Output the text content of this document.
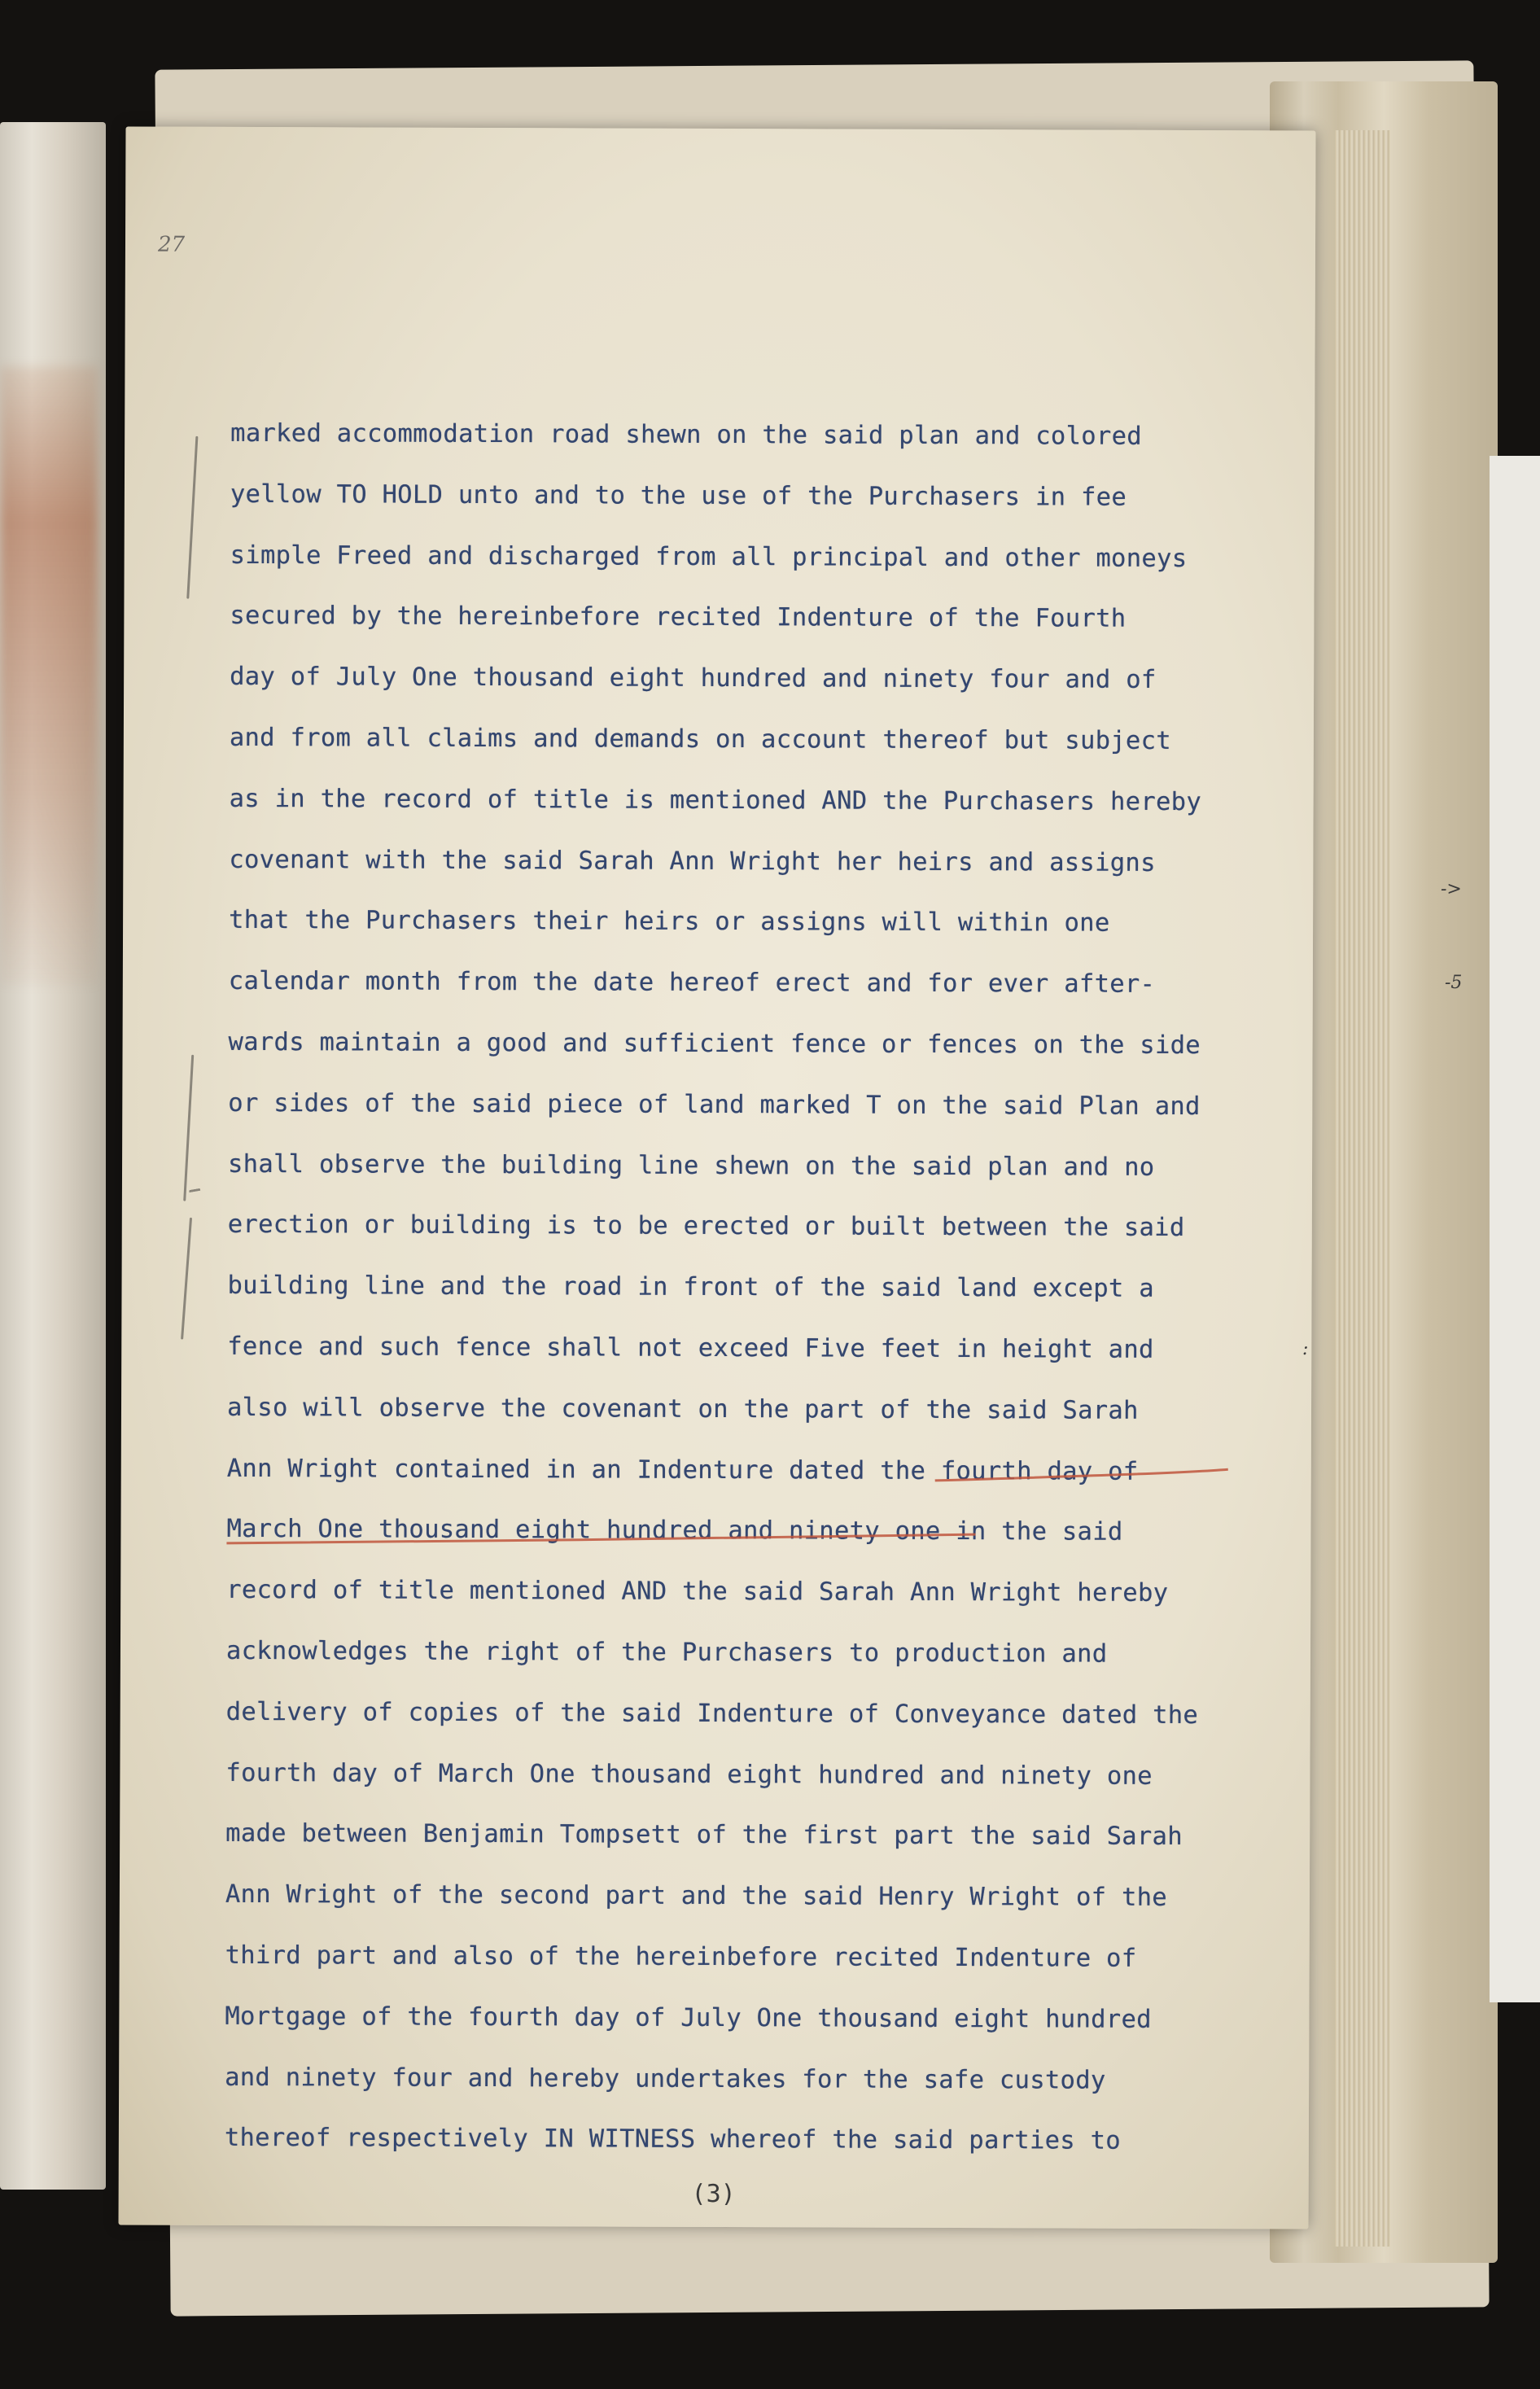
27
marked accommodation road shewn on the said plan and colored
yellow TO HOLD unto and to the use of the Purchasers in fee
simple Freed and discharged from all principal and other moneys
secured by the hereinbefore recited Indenture of the Fourth
day of July One thousand eight hundred and ninety four and of
and from all claims and demands on account thereof but subject
as in the record of title is mentioned AND the Purchasers hereby
covenant with the said Sarah Ann Wright her heirs and assigns
that the Purchasers their heirs or assigns will within one
calendar month from the date hereof erect and for ever after-
wards maintain a good and sufficient fence or fences on the side
or sides of the said piece of land marked T on the said Plan and
shall observe the building line shewn on the said plan and no
erection or building is to be erected or built between the said
building line and the road in front of the said land except a
fence and such fence shall not exceed Five feet in height and
also will observe the covenant on the part of the said Sarah
Ann Wright contained in an Indenture dated the fourth day of
March One thousand eight hundred and ninety one in the said
record of title mentioned AND the said Sarah Ann Wright hereby
acknowledges the right of the Purchasers to production and
delivery of copies of the said Indenture of Conveyance dated the
fourth day of March One thousand eight hundred and ninety one
made between Benjamin Tompsett of the first part the said Sarah
Ann Wright of the second part and the said Henry Wright of the
third part and also of the hereinbefore recited Indenture of
Mortgage of the fourth day of July One thousand eight hundred
and ninety four and hereby undertakes for the safe custody
thereof respectively IN WITNESS whereof the said parties to
(3)
->
-5
:
